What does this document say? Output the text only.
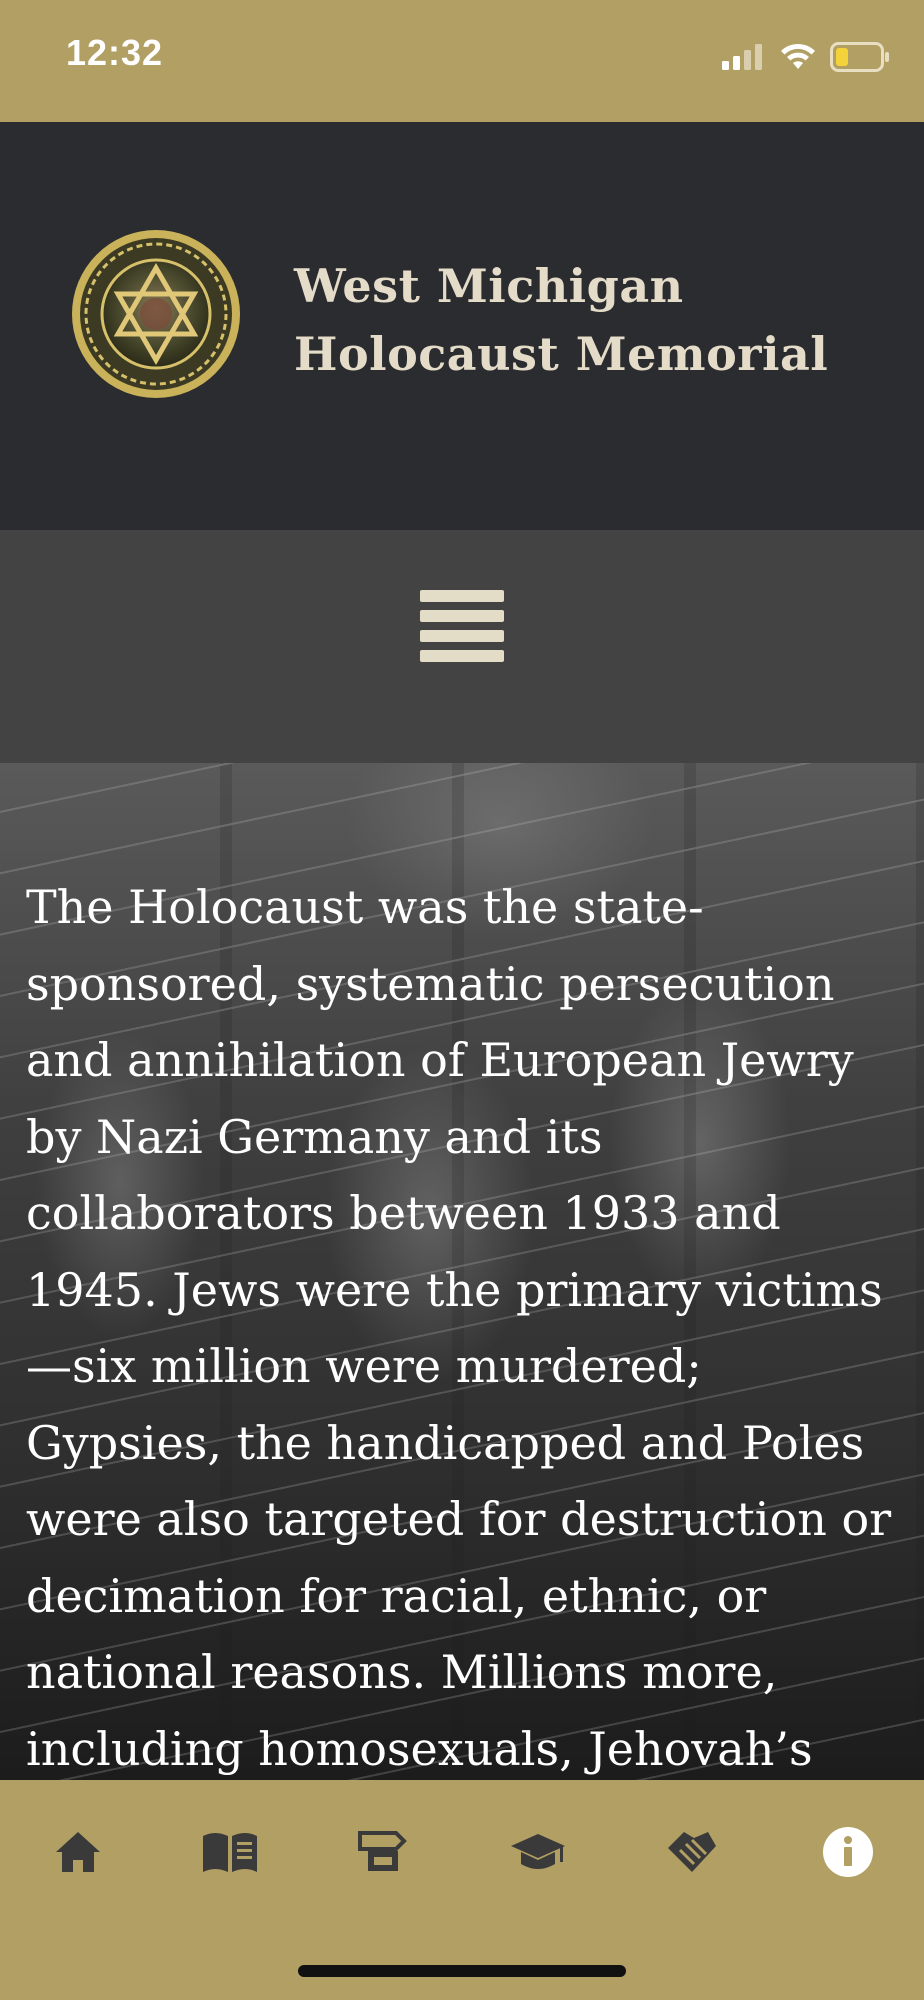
12:32
West Michigan
Holocaust Memorial

The Holocaust was the state-sponsored, systematic persecution and annihilation of European Jewry by Nazi Germany and its collaborators between 1933 and 1945. Jews were the primary victims—six million were murdered; Gypsies, the handicapped and Poles were also targeted for destruction or decimation for racial, ethnic, or national reasons. Millions more, including homosexuals, Jehovah’s
